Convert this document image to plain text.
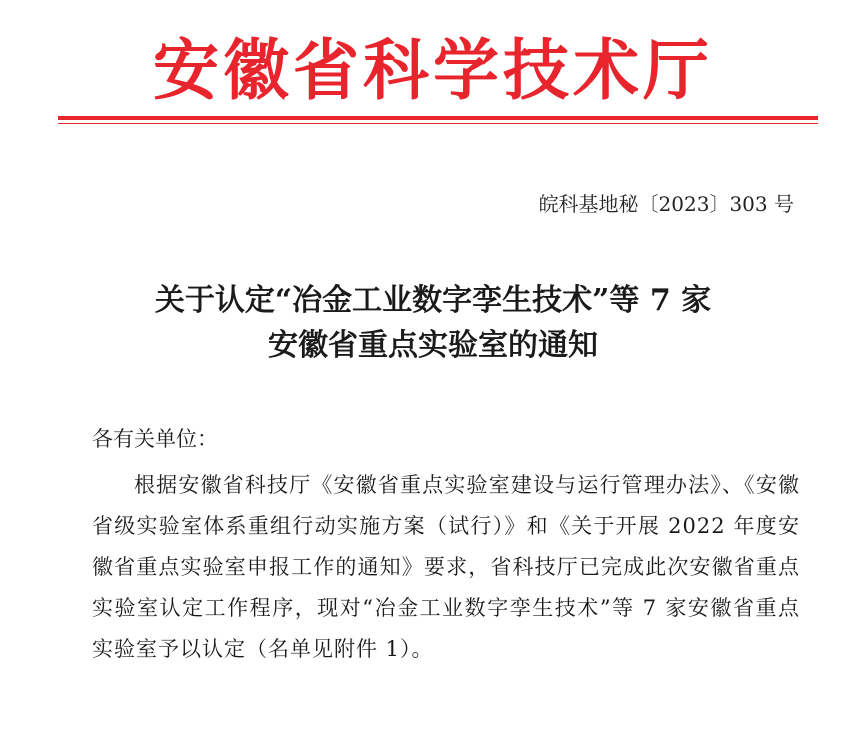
安徽省科学技术厅
皖科基地秘〔2023〕303 号
关于认定“冶金工业数字孪生技术”等 7 家
安徽省重点实验室的通知
各有关单位：
根据安徽省科技厅《安徽省重点实验室建设与运行管理办法》、《安徽省级实验室体系重组行动实施方案（试行）》和《关于开展 2022 年度安徽省重点实验室申报工作的通知》要求，省科技厅已完成此次安徽省重点实验室认定工作程序，现对“冶金工业数字孪生技术”等 7 家安徽省重点实验室予以认定（名单见附件 1）。
